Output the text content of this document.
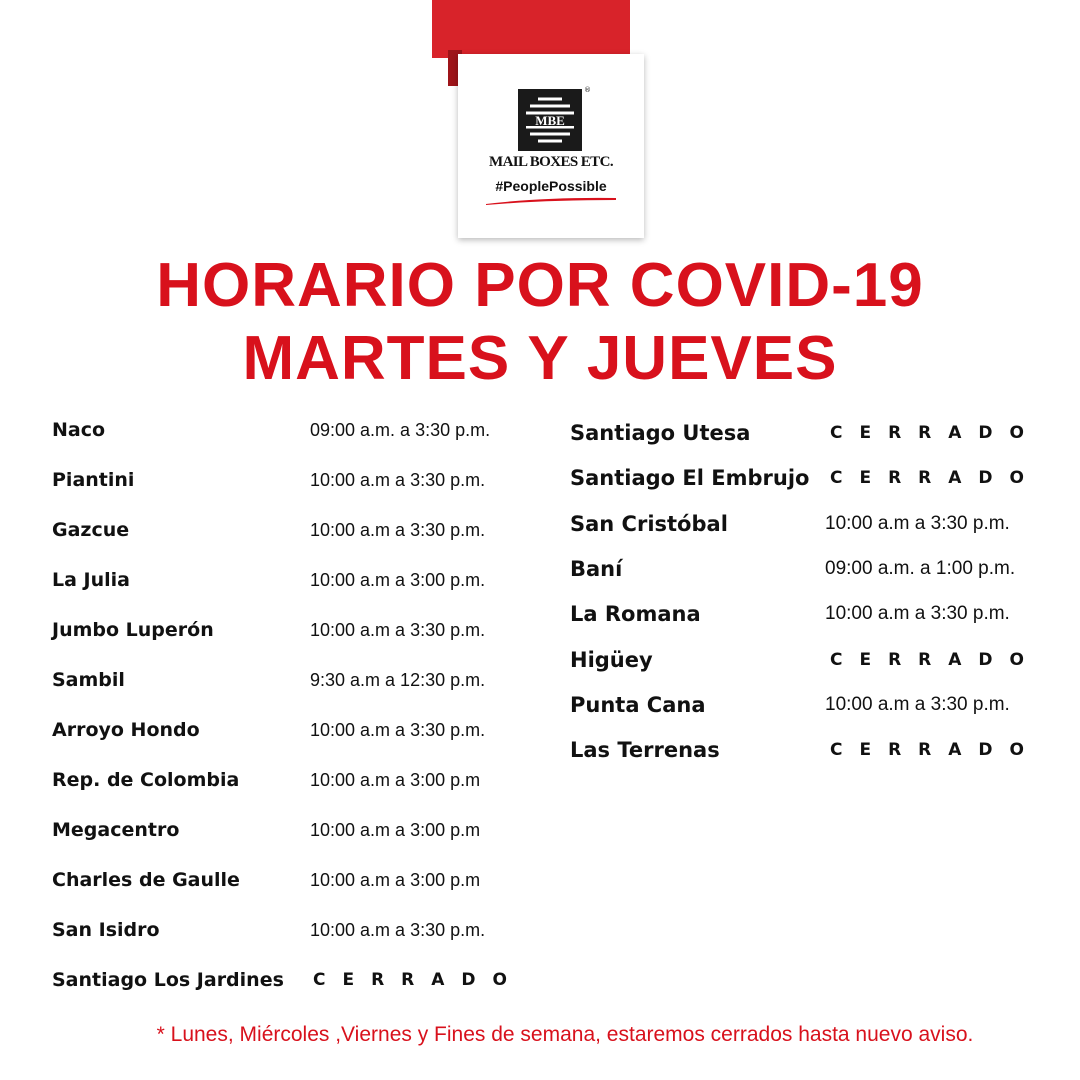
MBE
®
MAIL BOXES ETC.
#PeoplePossible
HORARIO POR COVID-19
MARTES Y JUEVES
Naco	09:00 a.m. a 3:30 p.m.
Piantini	10:00 a.m a 3:30 p.m.
Gazcue	10:00 a.m a 3:30 p.m.
La Julia	10:00 a.m a 3:00 p.m.
Jumbo Luperón	10:00 a.m a 3:30 p.m.
Sambil	9:30 a.m a 12:30 p.m.
Arroyo Hondo	10:00 a.m a 3:30 p.m.
Rep. de Colombia	10:00 a.m a 3:00 p.m
Megacentro	10:00 a.m a 3:00 p.m
Charles de Gaulle	10:00 a.m a 3:00 p.m
San Isidro	10:00 a.m a 3:30 p.m.
Santiago Los Jardines CERRADO
Santiago Utesa	CERRADO
Santiago El Embrujo CERRADO
San Cristóbal	10:00 a.m a 3:30 p.m.
Baní	09:00 a.m. a 1:00 p.m.
La Romana	10:00 a.m a 3:30 p.m.
Higüey	CERRADO
Punta Cana	10:00 a.m a 3:30 p.m.
Las Terrenas	CERRADO
* Lunes, Miércoles ,Viernes y Fines de semana, estaremos cerrados hasta nuevo aviso.
